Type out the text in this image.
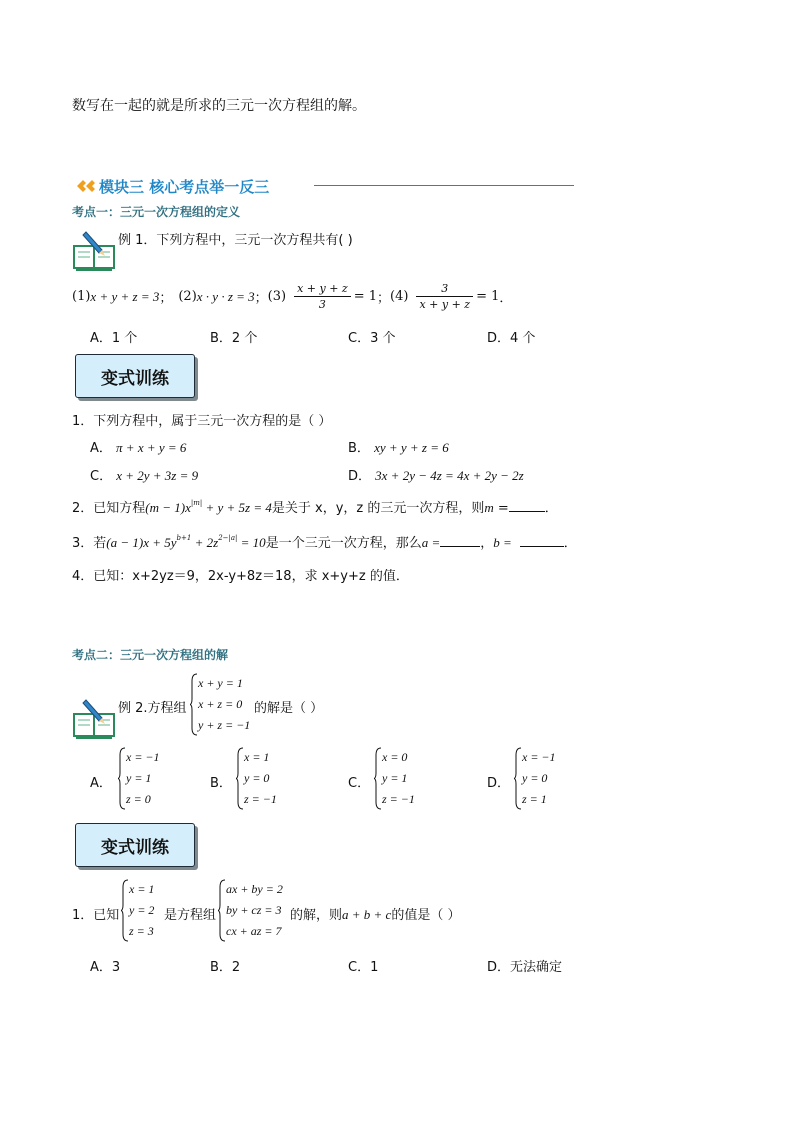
数写在一起的就是所求的三元一次方程组的解。
模块三 核心考点举一反三
考点一：三元一次方程组的定义
例 1．下列方程中，三元一次方程共有( )
(1) x + y + z = 3 ； (2) x · y · z = 3 ； $(3) \frac{x + y + z}{3} = 1$ ； $(4) \frac{3}{x + y + z} = 1$ ．
A．1 个	B．2 个	C．3 个	D．4 个
变式训练
1．下列方程中，属于三元一次方程的是（ ）
A． π + x + y = 6	B． xy + y + z = 6
C． x + 2y + 3z = 9	D． 3x + 2y − 4z = 4x + 2y − 2z
2．已知方程$(m - 1)x^{|m|} + y + 5z = 4$是关于 x，y，z 的三元一次方程，则m =	．
3．若$(a - 1)x + 5y^{b+1} + 2z^{2-|a|} = 10$是一个三元一次方程，那么a =	，b =	．
4．已知：x+2yz＝9，2x-y+8z＝18，求 x+y+z 的值．
考点二：三元一次方程组的解
例 2.方程组
x + y = 1
x + z = 0
y + z = −1
的解是（ ）
A．
x = −1
y = 1
z = 0
B．
x = 1
y = 0
z = −1
C．
x = 0
y = 1
z = −1
D．
x = −1
y = 0
z = 1
变式训练
1．已知
x = 1
y = 2
z = 3
是方程组
ax + by = 2
by + cz = 3
cx + az = 7
的解，则a + b + c的值是（ ）
A．3	B．2	C．1	D．无法确定
